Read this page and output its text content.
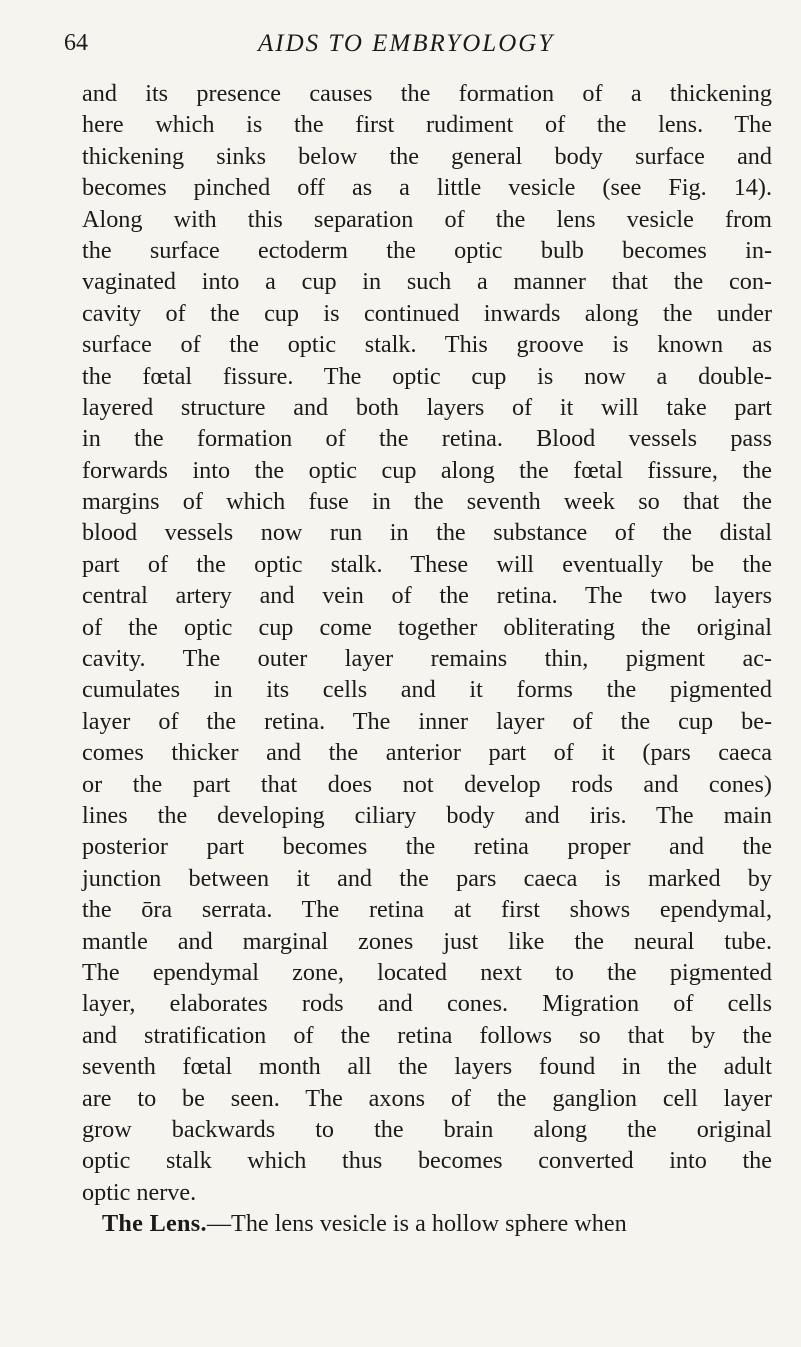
64	AIDS TO EMBRYOLOGY
and its presence causes the formation of a thickening
here which is the first rudiment of the lens. The
thickening sinks below the general body surface and
becomes pinched off as a little vesicle (see Fig. 14).
Along with this separation of the lens vesicle from
the surface ectoderm the optic bulb becomes in-
vaginated into a cup in such a manner that the con-
cavity of the cup is continued inwards along the under
surface of the optic stalk. This groove is known as
the fœtal fissure. The optic cup is now a double-
layered structure and both layers of it will take part
in the formation of the retina. Blood vessels pass
forwards into the optic cup along the fœtal fissure, the
margins of which fuse in the seventh week so that the
blood vessels now run in the substance of the distal
part of the optic stalk. These will eventually be the
central artery and vein of the retina. The two layers
of the optic cup come together obliterating the original
cavity. The outer layer remains thin, pigment ac-
cumulates in its cells and it forms the pigmented
layer of the retina. The inner layer of the cup be-
comes thicker and the anterior part of it (pars caeca
or the part that does not develop rods and cones)
lines the developing ciliary body and iris. The main
posterior part becomes the retina proper and the
junction between it and the pars caeca is marked by
the ōra serrata. The retina at first shows ependymal,
mantle and marginal zones just like the neural tube.
The ependymal zone, located next to the pigmented
layer, elaborates rods and cones. Migration of cells
and stratification of the retina follows so that by the
seventh fœtal month all the layers found in the adult
are to be seen. The axons of the ganglion cell layer
grow backwards to the brain along the original
optic stalk which thus becomes converted into the
optic nerve.
The Lens.—The lens vesicle is a hollow sphere when
